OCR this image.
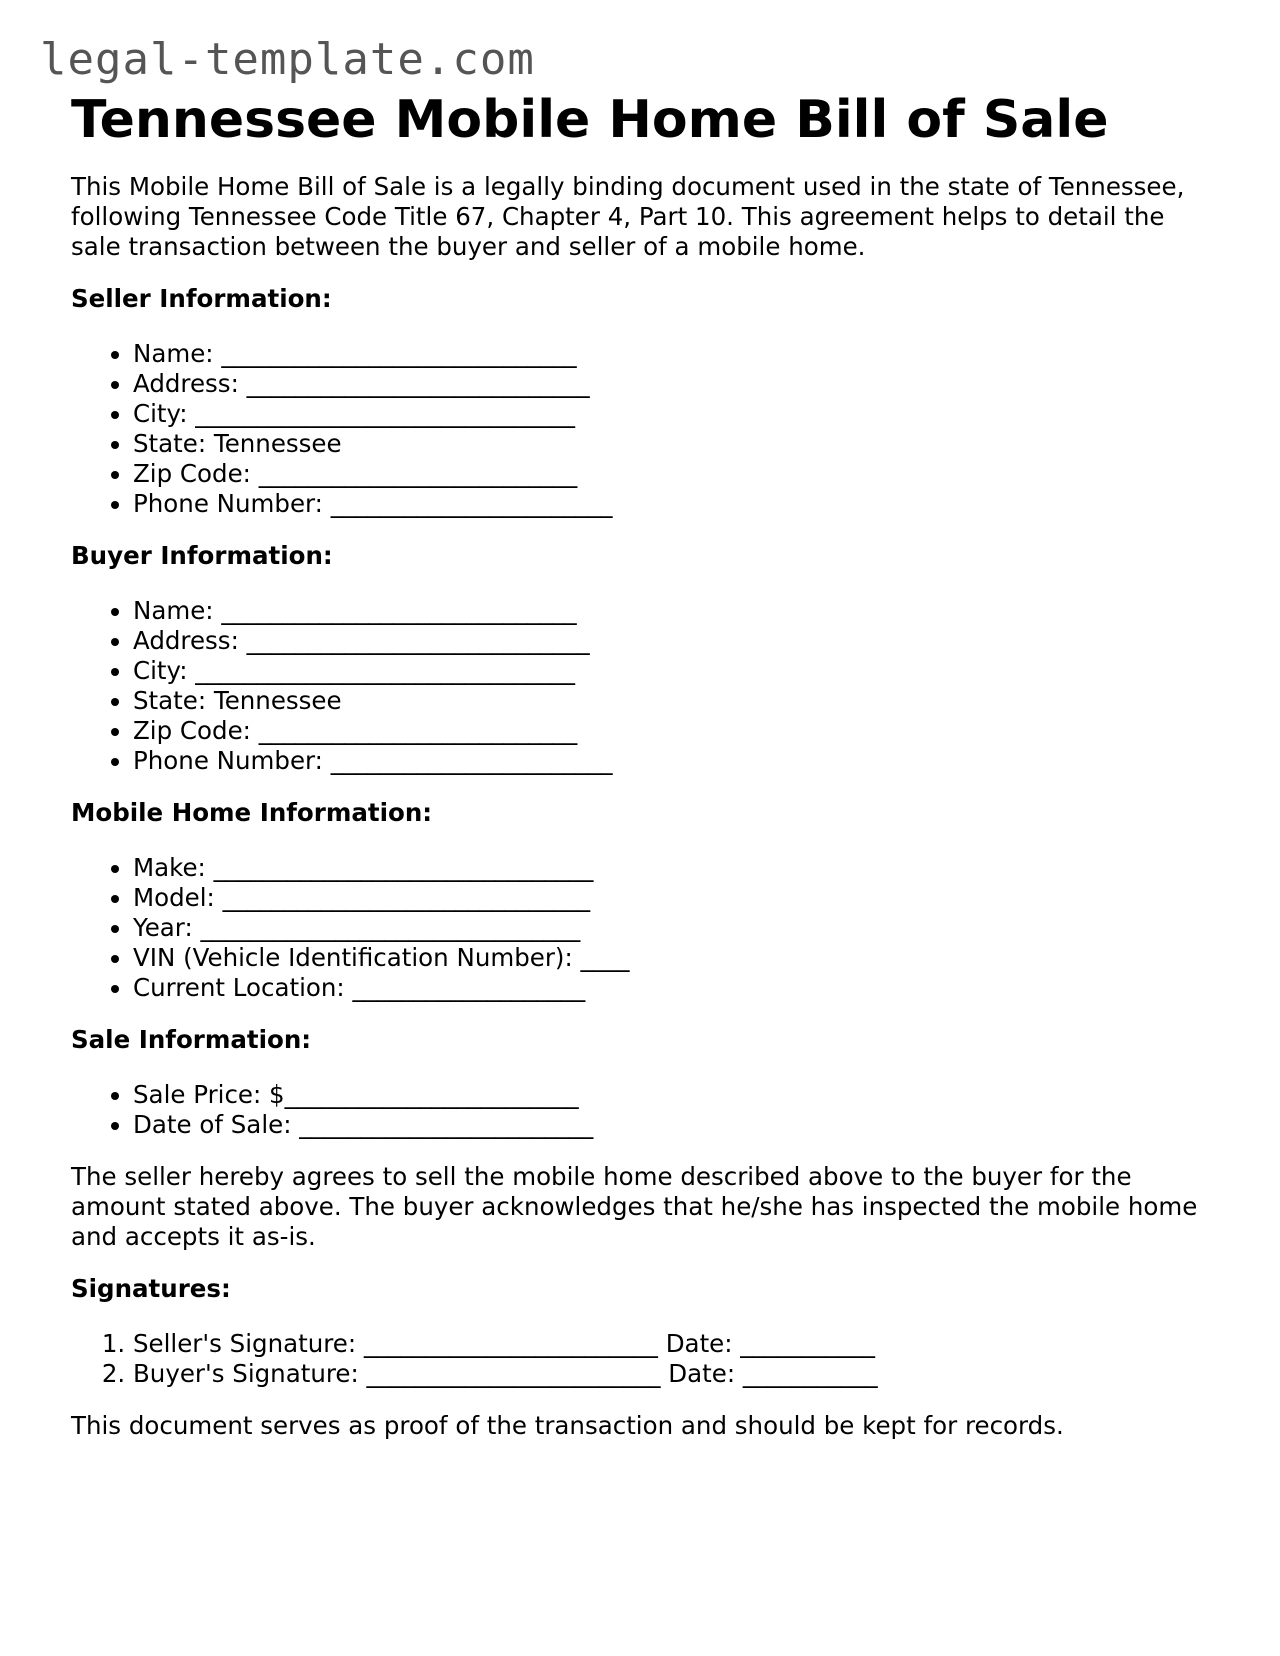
legal-template.com
Tennessee Mobile Home Bill of Sale

This Mobile Home Bill of Sale is a legally binding document used in the state of Tennessee, following Tennessee Code Title 67, Chapter 4, Part 10. This agreement helps to detail the sale transaction between the buyer and seller of a mobile home.

Seller Information:
• Name: _____________________________
• Address: ____________________________
• City: _______________________________
• State: Tennessee
• Zip Code: __________________________
• Phone Number: _______________________
Buyer Information:
• Name: _____________________________
• Address: ____________________________
• City: _______________________________
• State: Tennessee
• Zip Code: __________________________
• Phone Number: _______________________
Mobile Home Information:
• Make: _______________________________
• Model: ______________________________
• Year: _______________________________
• VIN (Vehicle Identification Number): ____
• Current Location: ___________________
Sale Information:
• Sale Price: $________________________
• Date of Sale: ________________________

The seller hereby agrees to sell the mobile home described above to the buyer for the amount stated above. The buyer acknowledges that he/she has inspected the mobile home and accepts it as-is.

Signatures:
1. Seller's Signature: ________________________ Date: ___________
2. Buyer's Signature: ________________________ Date: ___________

This document serves as proof of the transaction and should be kept for records.
